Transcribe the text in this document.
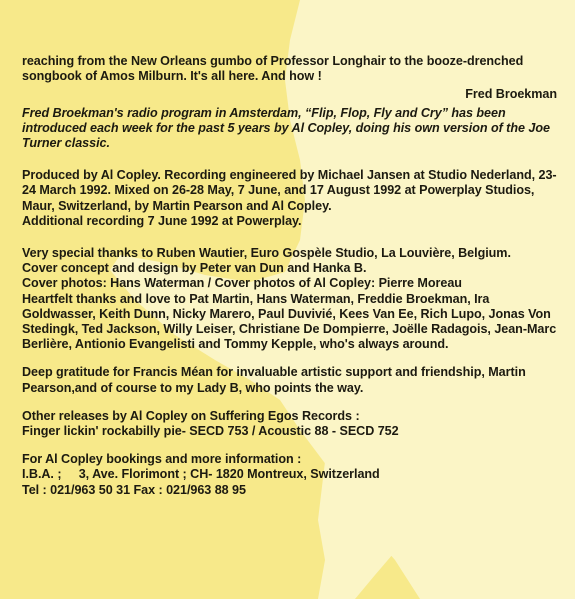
reaching from the New Orleans gumbo of Professor Longhair to the booze-drenched songbook of Amos Milburn. It's all here. And how !

Fred Broekman

Fred Broekman's radio program in Amsterdam, “Flip, Flop, Fly and Cry” has been introduced each week for the past 5 years by Al Copley, doing his own version of the Joe Turner classic.

Produced by Al Copley. Recording engineered by Michael Jansen at Studio Nederland, 23-24 March 1992. Mixed on 26-28 May, 7 June, and 17 August 1992 at Powerplay Studios, Maur, Switzerland, by Martin Pearson and Al Copley.

Additional recording 7 June 1992 at Powerplay.

Very special thanks to Ruben Wautier, Euro Gospèle Studio, La Louvière, Belgium.

Cover concept and design by Peter van Dun and Hanka B.

Cover photos: Hans Waterman / Cover photos of Al Copley: Pierre Moreau

Heartfelt thanks and love to Pat Martin, Hans Waterman, Freddie Broekman, Ira Goldwasser, Keith Dunn, Nicky Marero, Paul Duvivié, Kees Van Ee, Rich Lupo, Jonas Von Stedingk, Ted Jackson, Willy Leiser, Christiane De Dompierre, Joëlle Radagois, Jean-Marc Berlière, Antionio Evangelisti and Tommy Kepple, who's always around.

Deep gratitude for Francis Méan for invaluable artistic support and friendship, Martin Pearson,and of course to my Lady B, who points the way.

Other releases by Al Copley on Suffering Egos Records :

Finger lickin' rockabilly pie- SECD 753 / Acoustic 88 - SECD 752

For Al Copley bookings and more information :

I.B.A. ;     3, Ave. Florimont ; CH- 1820 Montreux, Switzerland

Tel : 021/963 50 31 Fax : 021/963 88 95
